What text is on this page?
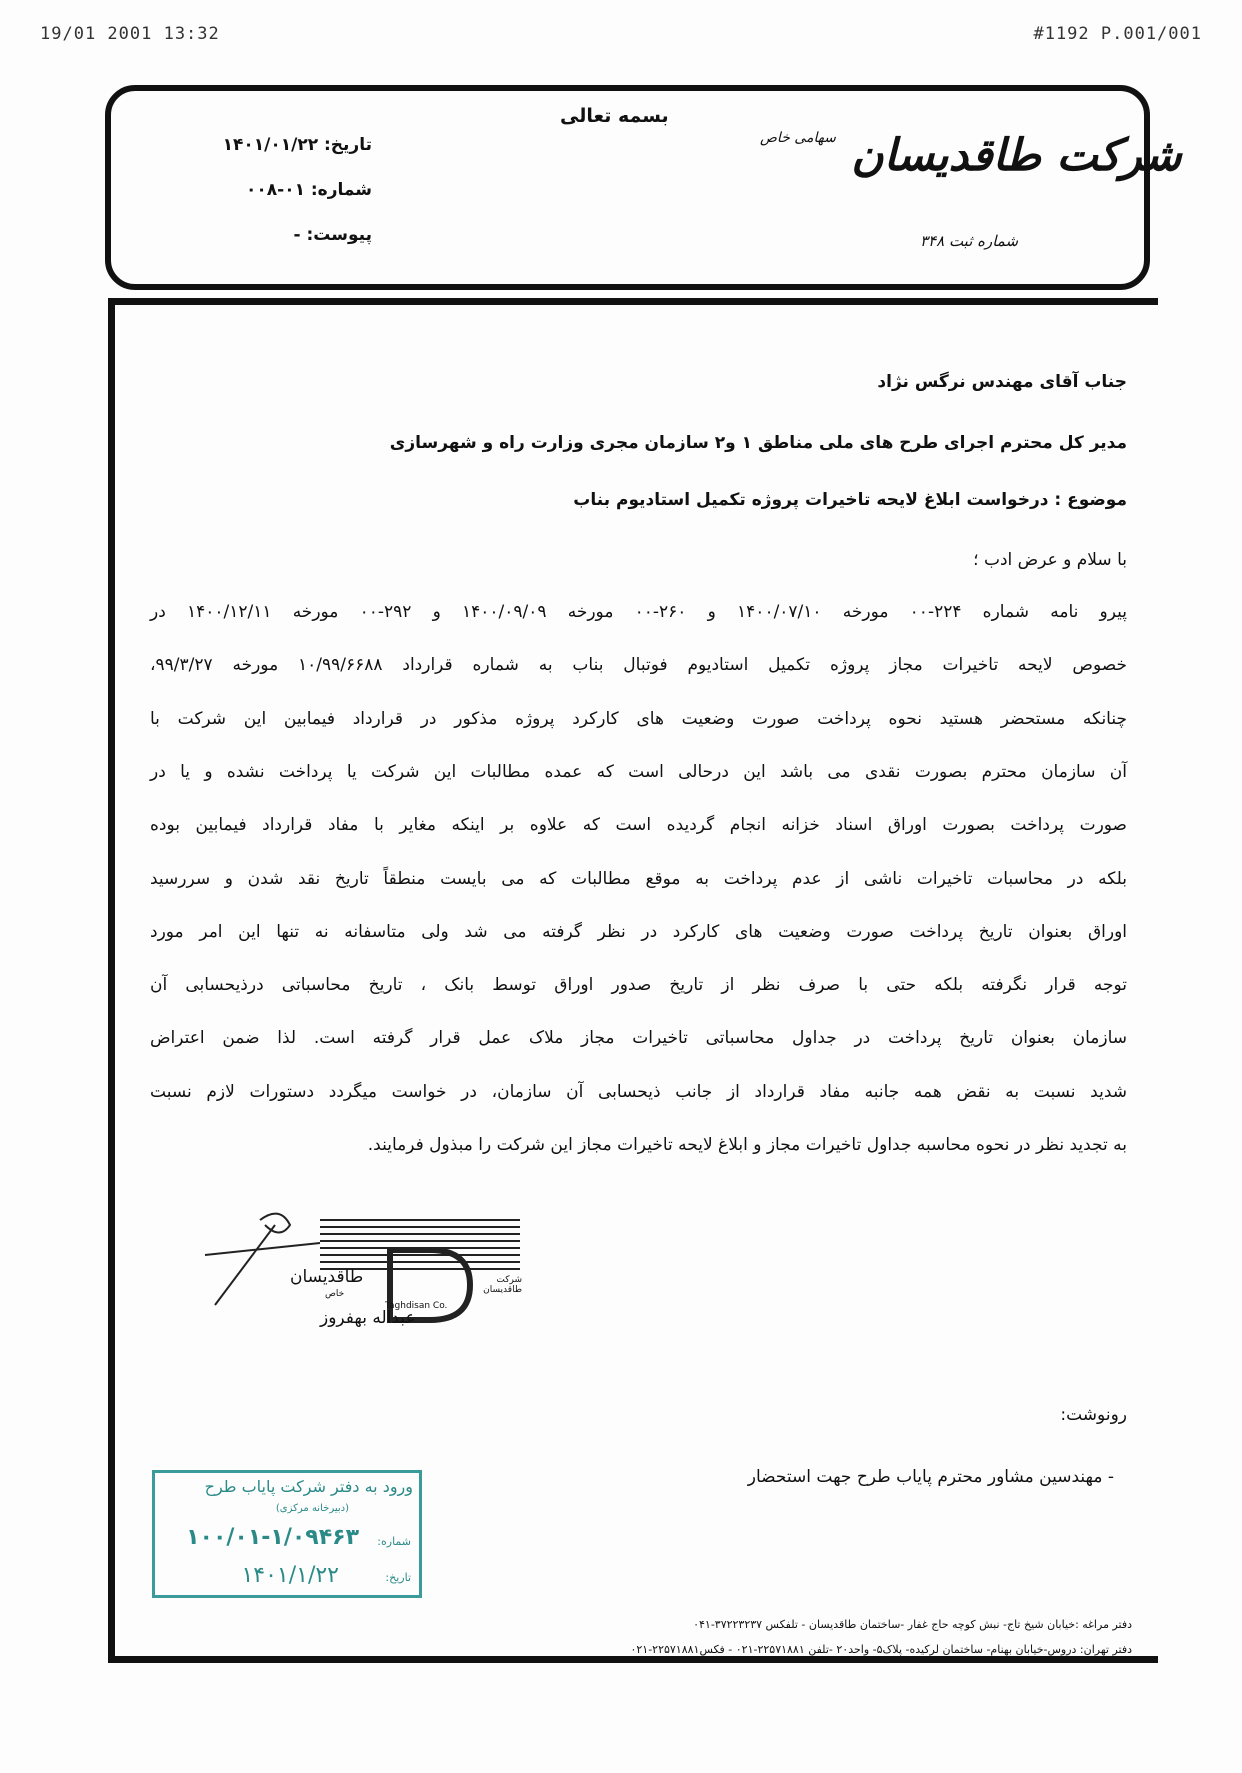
19/01 2001 13:32	#1192 P.001/001
بسمه تعالی
شرکت طاقدیسان $^{سهامی خاص}$
شماره ثبت ۳۴۸
تاریخ: ۱۴۰۱/۰۱/۲۲
شماره: ۰۱-۰۰۸
پیوست: -
جناب آقای مهندس نرگس نژاد
مدیر کل محترم اجرای طرح های ملی مناطق ۱ و۲ سازمان مجری وزارت راه و شهرسازی
موضوع : درخواست ابلاغ لایحه تاخیرات پروژه تکمیل استادیوم بناب
با سلام و عرض ادب ؛
پیرو نامه شماره ۲۲۴-۰۰ مورخه ۱۴۰۰/۰۷/۱۰ و ۲۶۰-۰۰ مورخه ۱۴۰۰/۰۹/۰۹ و ۲۹۲-۰۰ مورخه ۱۴۰۰/۱۲/۱۱ در
خصوص لایحه تاخیرات مجاز پروژه تکمیل استادیوم فوتبال بناب به شماره قرارداد ۱۰/۹۹/۶۶۸۸ مورخه ۹۹/۳/۲۷،
چنانکه مستحضر هستید نحوه پرداخت صورت وضعیت های کارکرد پروژه مذکور در قرارداد فیمابین این شرکت با
آن سازمان محترم بصورت نقدی می باشد این درحالی است که عمده مطالبات این شرکت یا پرداخت نشده و یا در
صورت پرداخت بصورت اوراق اسناد خزانه انجام گردیده است که علاوه بر اینکه مغایر با مفاد قرارداد فیمابین بوده
بلکه در محاسبات تاخیرات ناشی از عدم پرداخت به موقع مطالبات که می بایست منطقاً تاریخ نقد شدن و سررسید
اوراق بعنوان تاریخ پرداخت صورت وضعیت های کارکرد در نظر گرفته می شد ولی متاسفانه نه تنها این امر مورد
توجه قرار نگرفته بلکه حتی با صرف نظر از تاریخ صدور اوراق توسط بانک ، تاریخ محاسباتی درذیحسابی آن
سازمان بعنوان تاریخ پرداخت در جداول محاسباتی تاخیرات مجاز ملاک عمل قرار گرفته است. لذا ضمن اعتراض
شدید نسبت به نقض همه جانبه مفاد قرارداد از جانب ذیحسابی آن سازمان، در خواست میگردد دستورات لازم نسبت
به تجدید نظر در نحوه محاسبه جداول تاخیرات مجاز و ابلاغ لایحه تاخیرات مجاز این شرکت را مبذول فرمایند.
طاقدیسان
خاص
شرکت طاقدیسان
Taghdisan Co.
عبداله بهفروز
رونوشت:
- مهندسین مشاور محترم پایاب طرح جهت استحضار
ورود به دفتر شرکت پایاب طرح
(دبیرخانه مرکزی)
شماره:
۱۰۰/۰۱-۱/۰۹۴۶۳
تاریخ:
۱۴۰۱/۱/۲۲
دفتر مراغه :خیابان شیخ تاج- نبش کوچه حاج غفار -ساختمان طاقدیسان - تلفکس ۳۷۲۲۳۲۳۷-۰۴۱
دفتر تهران: دروس-خیابان بهنام- ساختمان لرکیده- پلاک۵- واحد۲۰ -تلفن ۲۲۵۷۱۸۸۱-۰۲۱ - فکس۲۲۵۷۱۸۸۱-۰۲۱
